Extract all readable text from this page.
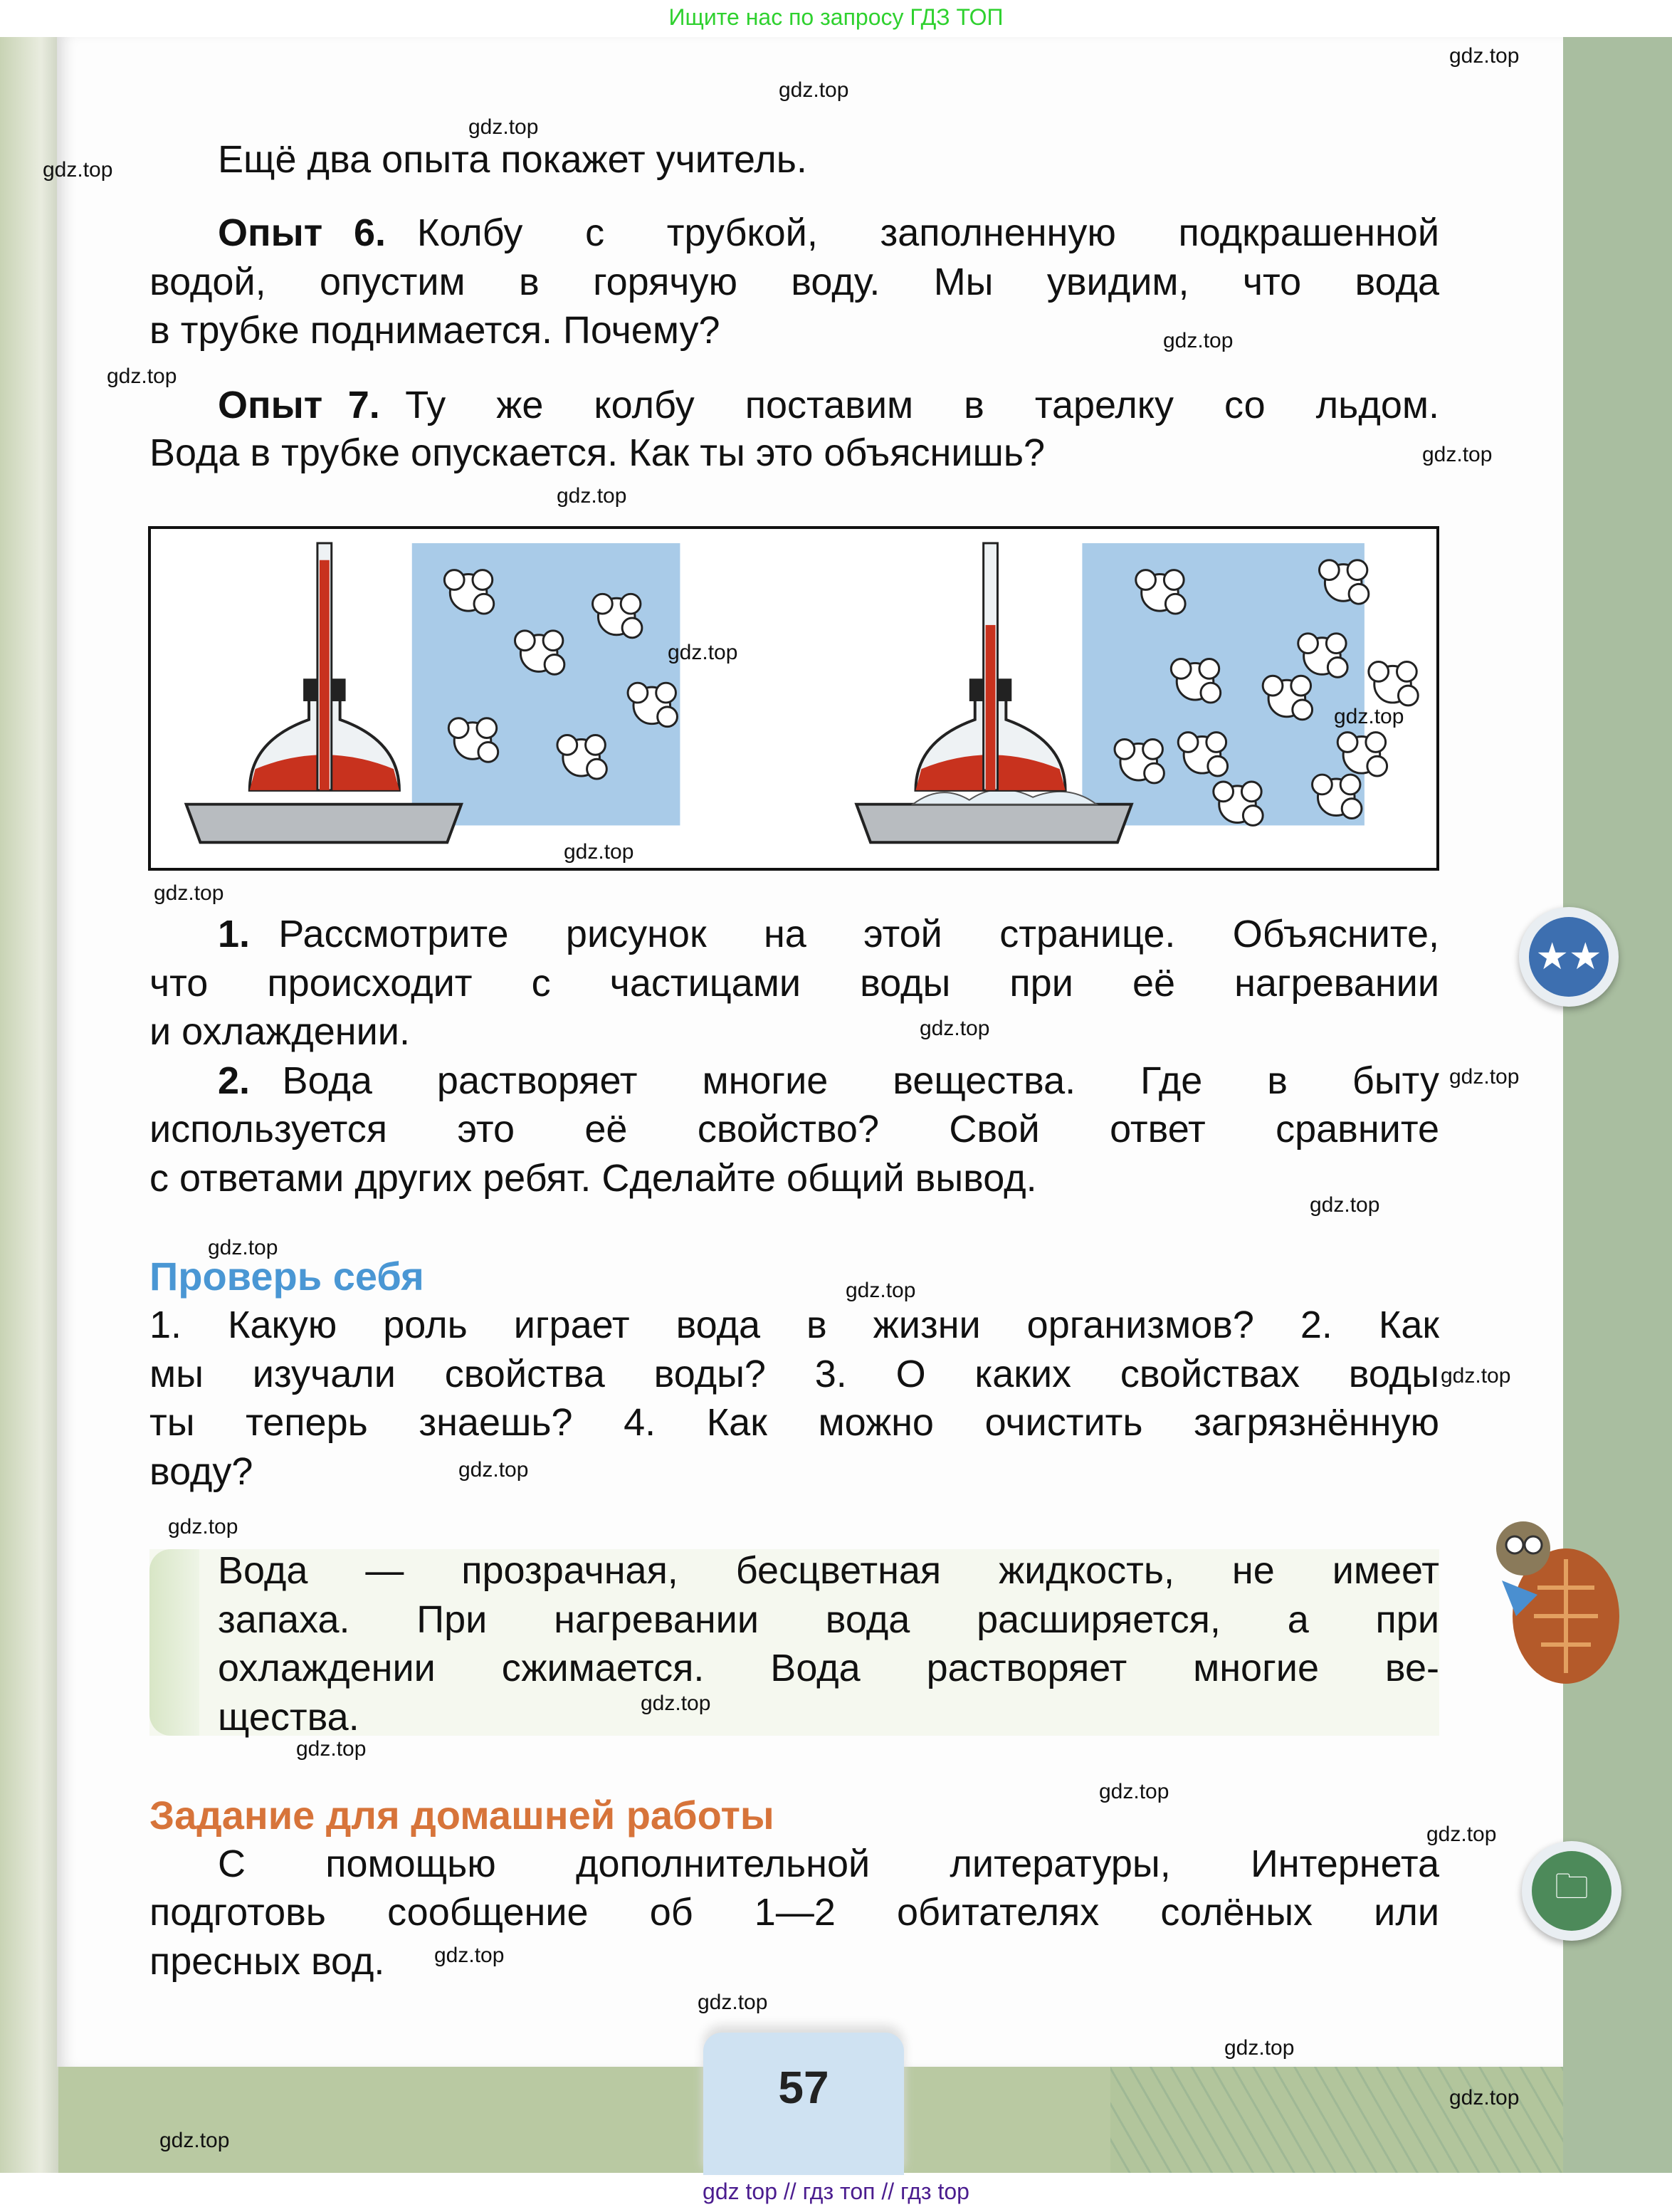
Ищите нас по запросу ГДЗ ТОП
Ещё два опыта покажет учитель.
Опыт 6. Колбу  с  трубкой,  заполненную  подкрашенной
водой, опустим в горячую воду. Мы увидим, что вода
в трубке поднимается. Почему?
Опыт 7. Ту  же  колбу  поставим  в  тарелку  со  льдом.
Вода в трубке опускается. Как ты это объяснишь?
1. Рассмотрите  рисунок  на  этой  странице.  Объясните,
что происходит с частицами воды при её нагревании
и охлаждении.
2. Вода  растворяет  многие  вещества.  Где  в  быту
используется это её свойство? Свой ответ сравните
с ответами других ребят. Сделайте общий вывод.
Проверь себя
1. Какую роль играет вода в жизни организмов? 2. Как
мы изучали свойства воды? 3. О каких свойствах воды
ты теперь знаешь? 4. Как можно очистить загрязнённую
воду?
Вода — прозрачная, бесцветная жидкость, не имеет
запаха. При нагревании вода расширяется, а при
охлаждении сжимается. Вода растворяет многие ве-
щества.
Задание для домашней работы
С помощью дополнительной литературы, Интернета
подготовь сообщение об 1—2 обитателях солёных или
пресных вод.
57
★★
🗀
gdz.top
gdz.top
gdz.top
gdz.top
gdz.top
gdz.top
gdz.top
gdz.top
gdz.top
gdz.top
gdz.top
gdz.top
gdz.top
gdz.top
gdz.top
gdz.top
gdz.top
gdz.top
gdz.top
gdz.top
gdz.top
gdz.top
gdz.top
gdz.top
gdz.top
gdz.top
gdz.top
gdz.top
gdz.top
gdz top // гдз топ // гдз top
